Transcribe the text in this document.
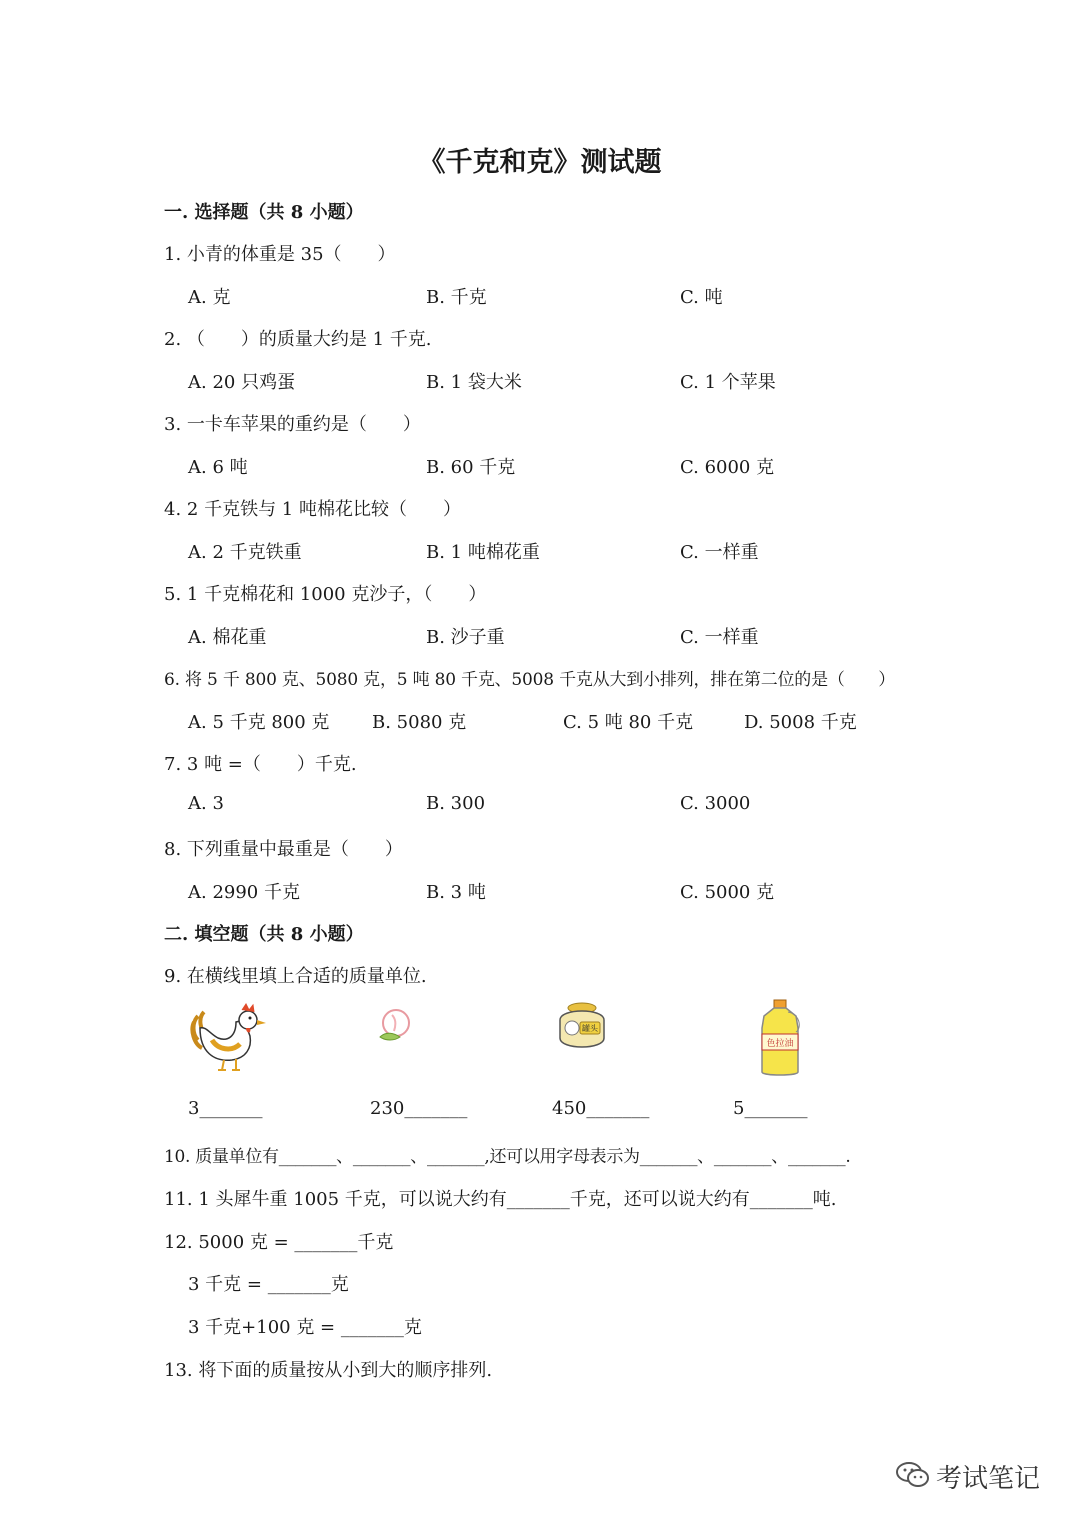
《千克和克》测试题
一. 选择题（共 8 小题）
1. 小青的体重是 35（　　）
A. 克	B. 千克	C. 吨
2. （　　）的质量大约是 1 千克.
A. 20 只鸡蛋	B. 1 袋大米	C. 1 个苹果
3. 一卡车苹果的重约是（　　）
A. 6 吨	B. 60 千克	C. 6000 克
4. 2 千克铁与 1 吨棉花比较（　　）
A. 2 千克铁重	B. 1 吨棉花重	C. 一样重
5. 1 千克棉花和 1000 克沙子，（　　）
A. 棉花重	B. 沙子重	C. 一样重
6. 将 5 千 800 克、5080 克，5 吨 80 千克、5008 千克从大到小排列，排在第二位的是（　　）
A. 5 千克 800 克 B. 5080 克	C. 5 吨 80 千克	D. 5008 千克
7. 3 吨 =（　　）千克.
A. 3	B. 300	C. 3000
8. 下列重量中最重是（　　）
A. 2990 千克	B. 3 吨	C. 5000 克
二. 填空题（共 8 小题）
9. 在横线里填上合适的质量单位.
罐头
色拉油
3_______	230_______	450_______	5_______
10. 质量单位有_______、_______、_______,还可以用字母表示为_______、_______、_______.
11. 1 头犀牛重 1005 千克，可以说大约有_______千克，还可以说大约有_______吨.
12. 5000 克 = _______千克
3 千克 = _______克
3 千克+100 克 = _______克
13. 将下面的质量按从小到大的顺序排列.
考试笔记
